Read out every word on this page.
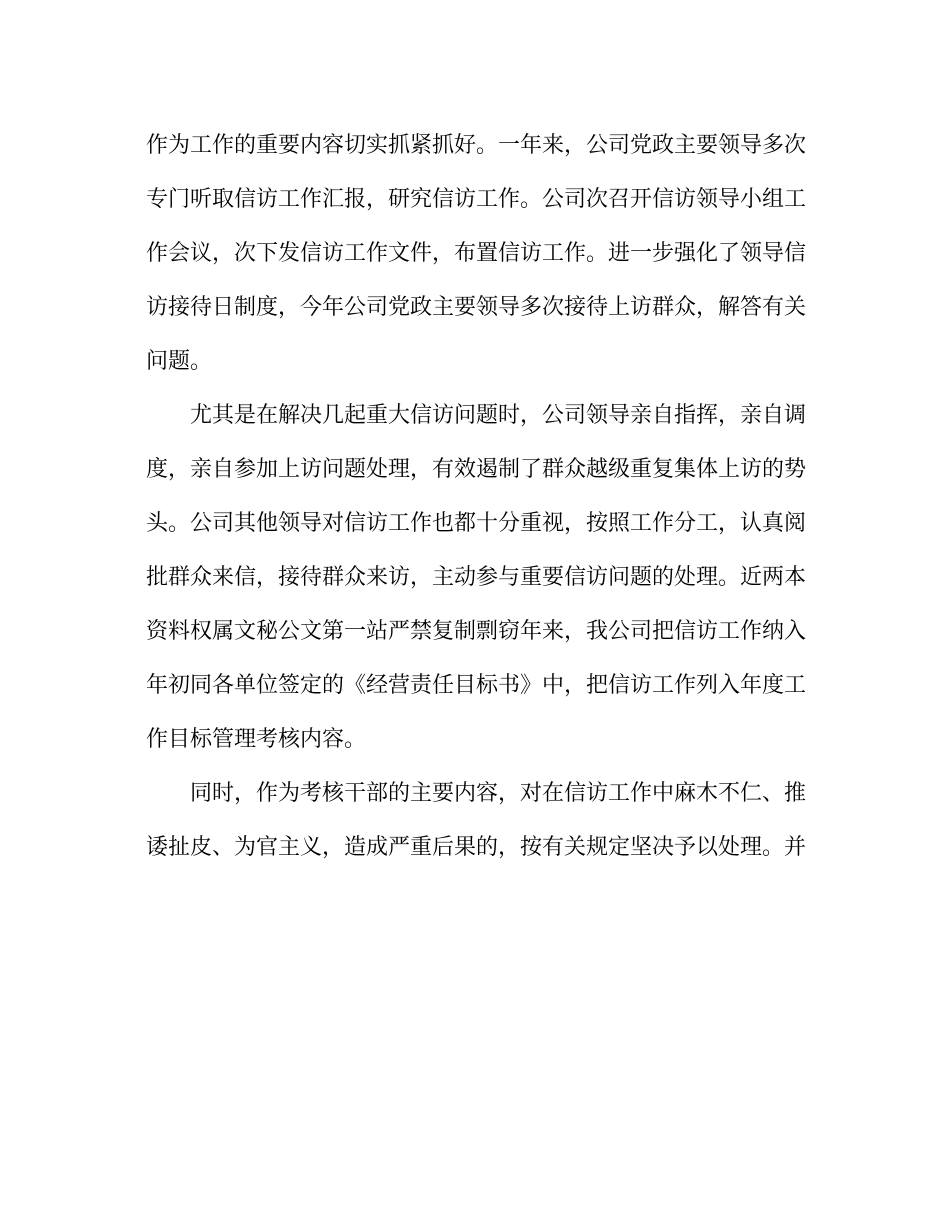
作为工作的重要内容切实抓紧抓好。一年来，公司党政主要领导多次
专门听取信访工作汇报，研究信访工作。公司次召开信访领导小组工
作会议，次下发信访工作文件，布置信访工作。进一步强化了领导信
访接待日制度，今年公司党政主要领导多次接待上访群众，解答有关
问题。
尤其是在解决几起重大信访问题时，公司领导亲自指挥，亲自调
度，亲自参加上访问题处理，有效遏制了群众越级重复集体上访的势
头。公司其他领导对信访工作也都十分重视，按照工作分工，认真阅
批群众来信，接待群众来访，主动参与重要信访问题的处理。近两本
资料权属文秘公文第一站严禁复制剽窃年来，我公司把信访工作纳入
年初同各单位签定的《经营责任目标书》中，把信访工作列入年度工
作目标管理考核内容。
同时，作为考核干部的主要内容，对在信访工作中麻木不仁、推
诿扯皮、为官主义，造成严重后果的，按有关规定坚决予以处理。并
